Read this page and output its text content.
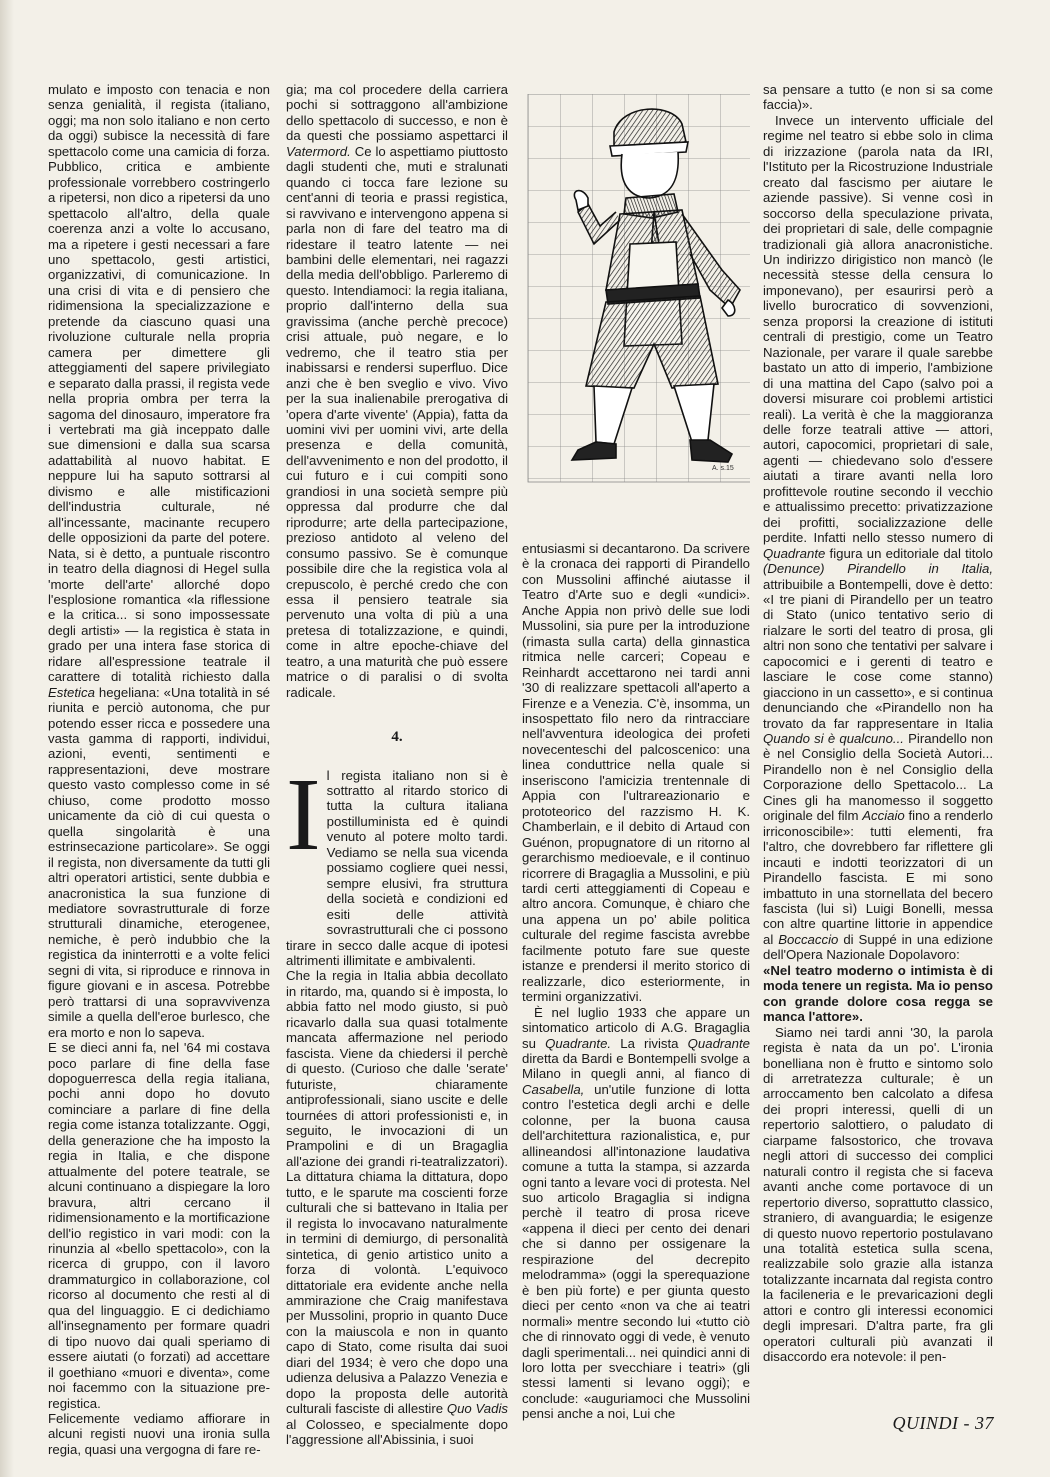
mulato e imposto con tenacia e non senza genialità, il regista (italiano, oggi; ma non solo italiano e non certo da oggi) subisce la necessità di fare spettacolo come una camicia di forza. Pubblico, critica e ambiente professionale vorrebbero costringerlo a ripetersi, non dico a ripetersi da uno spettacolo all'altro, della quale coerenza anzi a volte lo accusano, ma a ripetere i gesti necessari a fare uno spettacolo, gesti artistici, organizzativi, di comunicazione. In una crisi di vita e di pensiero che ridimensiona la specializzazione e pretende da ciascuno quasi una rivoluzione culturale nella propria camera per dimettere gli atteggiamenti del sapere privilegiato e separato dalla prassi, il regista vede nella propria ombra per terra la sagoma del dinosauro, imperatore fra i vertebrati ma già inceppato dalle sue dimensioni e dalla sua scarsa adattabilità al nuovo habitat. E neppure lui ha saputo sottrarsi al divismo e alle mistificazioni dell'industria culturale, né all'incessante, macinante recupero delle opposizioni da parte del potere. Nata, si è detto, a puntuale riscontro in teatro della diagnosi di Hegel sulla 'morte dell'arte' allorché dopo l'esplosione romantica «la riflessione e la critica... si sono impossessate degli artisti» — la registica è stata in grado per una intera fase storica di ridare all'espressione teatrale il carattere di totalità richiesto dalla Estetica hegeliana: «Una totalità in sé riunita e perciò autonoma, che pur potendo esser ricca e possedere una vasta gamma di rapporti, individui, azioni, eventi, sentimenti e rappresentazioni, deve mostrare questo vasto complesso come in sé chiuso, come prodotto mosso unicamente da ciò di cui questa o quella singolarità è una estrinsecazione particolare». Se oggi il regista, non diversamente da tutti gli altri operatori artistici, sente dubbia e anacronistica la sua funzione di mediatore sovrastrutturale di forze strutturali dinamiche, eterogenee, nemiche, è però indubbio che la registica da ininterrotti e a volte felici segni di vita, si riproduce e rinnova in figure giovani e in ascesa. Potrebbe però trattarsi di una sopravvivenza simile a quella dell'eroe burlesco, che era morto e non lo sapeva.

E se dieci anni fa, nel '64 mi costava poco parlare di fine della fase dopoguerresca della regia italiana, pochi anni dopo ho dovuto cominciare a parlare di fine della regia come istanza totalizzante. Oggi, della generazione che ha imposto la regia in Italia, e che dispone attualmente del potere teatrale, se alcuni continuano a dispiegare la loro bravura, altri cercano il ridimensionamento e la mortificazione dell'io registico in vari modi: con la rinunzia al «bello spettacolo», con la ricerca di gruppo, con il lavoro drammaturgico in collaborazione, col ricorso al documento che resti al di qua del linguaggio. E ci dedichiamo all'insegnamento per formare quadri di tipo nuovo dai quali speriamo di essere aiutati (o forzati) ad accettare il goethiano «muori e diventa», come noi facemmo con la situazione pre-registica.

Felicemente vediamo affiorare in alcuni registi nuovi una ironia sulla regia, quasi una vergogna di fare re-

gia; ma col procedere della carriera pochi si sottraggono all'ambizione dello spettacolo di successo, e non è da questi che possiamo aspettarci il Vatermord. Ce lo aspettiamo piuttosto dagli studenti che, muti e stralunati quando ci tocca fare lezione su cent'anni di teoria e prassi registica, si ravvivano e intervengono appena si parla non di fare del teatro ma di ridestare il teatro latente — nei bambini delle elementari, nei ragazzi della media dell'obbligo. Parleremo di questo. Intendiamoci: la regia italiana, proprio dall'interno della sua gravissima (anche perchè precoce) crisi attuale, può negare, e lo vedremo, che il teatro stia per inabissarsi e rendersi superfluo. Dice anzi che è ben sveglio e vivo. Vivo per la sua inalienabile prerogativa di 'opera d'arte vivente' (Appia), fatta da uomini vivi per uomini vivi, arte della presenza e della comunità, dell'avvenimento e non del prodotto, il cui futuro e i cui compiti sono grandiosi in una società sempre più oppressa dal produrre che dal riprodurre; arte della partecipazione, prezioso antidoto al veleno del consumo passivo. Se è comunque possibile dire che la registica vola al crepuscolo, è perché credo che con essa il pensiero teatrale sia pervenuto una volta di più a una pretesa di totalizzazione, e quindi, come in altre epoche-chiave del teatro, a una maturità che può essere matrice o di paralisi o di svolta radicale.

4.

Il regista italiano non si è sottratto al ritardo storico di tutta la cultura italiana postilluminista ed è quindi venuto al potere molto tardi. Vediamo se nella sua vicenda possiamo cogliere quei nessi, sempre elusivi, fra struttura della società e condizioni ed esiti delle attività sovrastrutturali che ci possono tirare in secco dalle acque di ipotesi altrimenti illimitate e ambivalenti.

Che la regia in Italia abbia decollato in ritardo, ma, quando si è imposta, lo abbia fatto nel modo giusto, si può ricavarlo dalla sua quasi totalmente mancata affermazione nel periodo fascista. Viene da chiedersi il perchè di questo. (Curioso che dalle 'serate' futuriste, chiaramente antiprofessionali, siano uscite e delle tournées di attori professionisti e, in seguito, le invocazioni di un Prampolini e di un Bragaglia all'azione dei grandi ri-teatralizzatori). La dittatura chiama la dittatura, dopo tutto, e le sparute ma coscienti forze culturali che si battevano in Italia per il regista lo invocavano naturalmente in termini di demiurgo, di personalità sintetica, di genio artistico unito a forza di volontà. L'equivoco dittatoriale era evidente anche nella ammirazione che Craig manifestava per Mussolini, proprio in quanto Duce con la maiuscola e non in quanto capo di Stato, come risulta dai suoi diari del 1934; è vero che dopo una udienza delusiva a Palazzo Venezia e dopo la proposta delle autorità culturali fasciste di allestire Quo Vadis al Colosseo, e specialmente dopo l'aggressione all'Abissinia, i suoi

A. s.15

entusiasmi si decantarono. Da scrivere è la cronaca dei rapporti di Pirandello con Mussolini affinché aiutasse il Teatro d'Arte suo e degli «undici». Anche Appia non privò delle sue lodi Mussolini, sia pure per la introduzione (rimasta sulla carta) della ginnastica ritmica nelle carceri; Copeau e Reinhardt accettarono nei tardi anni '30 di realizzare spettacoli all'aperto a Firenze e a Venezia. C'è, insomma, un insospettato filo nero da rintracciare nell'avventura ideologica dei profeti novecenteschi del palcoscenico: una linea conduttrice nella quale si inseriscono l'amicizia trentennale di Appia con l'ultrareazionario e prototeorico del razzismo H. K. Chamberlain, e il debito di Artaud con Guénon, propugnatore di un ritorno al gerarchismo medioevale, e il continuo ricorrere di Bragaglia a Mussolini, e più tardi certi atteggiamenti di Copeau e altro ancora. Comunque, è chiaro che una appena un po' abile politica culturale del regime fascista avrebbe facilmente potuto fare sue queste istanze e prendersi il merito storico di realizzarle, dico esteriormente, in termini organizzativi.

È nel luglio 1933 che appare un sintomatico articolo di A.G. Bragaglia su Quadrante. La rivista Quadrante diretta da Bardi e Bontempelli svolge a Milano in quegli anni, al fianco di Casabella, un'utile funzione di lotta contro l'estetica degli archi e delle colonne, per la buona causa dell'architettura razionalistica, e, pur allineandosi all'intonazione laudativa comune a tutta la stampa, si azzarda ogni tanto a levare voci di protesta. Nel suo articolo Bragaglia si indigna perchè il teatro di prosa riceve «appena il dieci per cento dei denari che si danno per ossigenare la respirazione del decrepito melodramma» (oggi la sperequazione è ben più forte) e per giunta questo dieci per cento «non va che ai teatri normali» mentre secondo lui «tutto ciò che di rinnovato oggi di vede, è venuto dagli sperimentali... nei quindici anni di loro lotta per svecchiare i teatri» (gli stessi lamenti si levano oggi); e conclude: «auguriamoci che Mussolini pensi anche a noi, Lui che

sa pensare a tutto (e non si sa come faccia)».

Invece un intervento ufficiale del regime nel teatro si ebbe solo in clima di irizzazione (parola nata da IRI, l'Istituto per la Ricostruzione Industriale creato dal fascismo per aiutare le aziende passive). Si venne così in soccorso della speculazione privata, dei proprietari di sale, delle compagnie tradizionali già allora anacronistiche. Un indirizzo dirigistico non mancò (le necessità stesse della censura lo imponevano), per esaurirsi però a livello burocratico di sovvenzioni, senza proporsi la creazione di istituti centrali di prestigio, come un Teatro Nazionale, per varare il quale sarebbe bastato un atto di imperio, l'ambizione di una mattina del Capo (salvo poi a doversi misurare coi problemi artistici reali). La verità è che la maggioranza delle forze teatrali attive — attori, autori, capocomici, proprietari di sale, agenti — chiedevano solo d'essere aiutati a tirare avanti nella loro profittevole routine secondo il vecchio e attualissimo precetto: privatizzazione dei profitti, socializzazione delle perdite. Infatti nello stesso numero di Quadrante figura un editoriale dal titolo (Denunce) Pirandello in Italia, attribuibile a Bontempelli, dove è detto: «I tre piani di Pirandello per un teatro di Stato (unico tentativo serio di rialzare le sorti del teatro di prosa, gli altri non sono che tentativi per salvare i capocomici e i gerenti di teatro e lasciare le cose come stanno) giacciono in un cassetto», e si continua denunciando che «Pirandello non ha trovato da far rappresentare in Italia Quando si è qualcuno... Pirandello non è nel Consiglio della Società Autori... Pirandello non è nel Consiglio della Corporazione dello Spettacolo... La Cines gli ha manomesso il soggetto originale del film Acciaio fino a renderlo irriconoscibile»: tutti elementi, fra l'altro, che dovrebbero far riflettere gli incauti e indotti teorizzatori di un Pirandello fascista. E mi sono imbattuto in una stornellata del becero fascista (lui sì) Luigi Bonelli, messa con altre quartine littorie in appendice al Boccaccio di Suppé in una edizione dell'Opera Nazionale Dopolavoro:

«Nel teatro moderno o intimista è di moda tenere un regista. Ma io penso con grande dolore cosa regga se manca l'attore».

Siamo nei tardi anni '30, la parola regista è nata da un po'. L'ironia bonelliana non è frutto e sintomo solo di arretratezza culturale; è un arroccamento ben calcolato a difesa dei propri interessi, quelli di un repertorio salottiero, o paludato di ciarpame falsostorico, che trovava negli attori di successo dei complici naturali contro il regista che si faceva avanti anche come portavoce di un repertorio diverso, soprattutto classico, straniero, di avanguardia; le esigenze di questo nuovo repertorio postulavano una totalità estetica sulla scena, realizzabile solo grazie alla istanza totalizzante incarnata dal regista contro la facileneria e le prevaricazioni degli attori e contro gli interessi economici degli impresari. D'altra parte, fra gli operatori culturali più avanzati il disaccordo era notevole: il pen-

QUINDI - 37
